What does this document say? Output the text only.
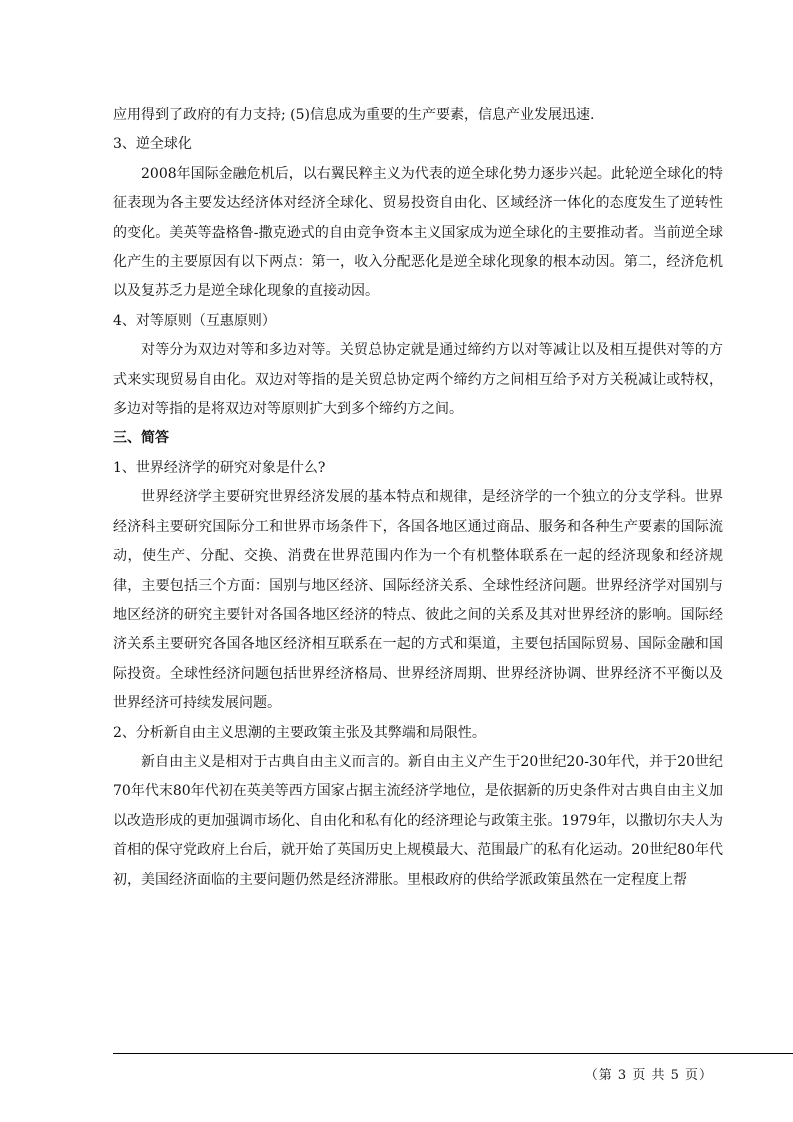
应用得到了政府的有力支持; (5)信息成为重要的生产要素，信息产业发展迅速.

3、逆全球化

2008年国际金融危机后，以右翼民粹主义为代表的逆全球化势力逐步兴起。此轮逆全球化的特征表现为各主要发达经济体对经济全球化、贸易投资自由化、区域经济一体化的态度发生了逆转性的变化。美英等盎格鲁-撒克逊式的自由竞争资本主义国家成为逆全球化的主要推动者。当前逆全球化产生的主要原因有以下两点：第一，收入分配恶化是逆全球化现象的根本动因。第二，经济危机以及复苏乏力是逆全球化现象的直接动因。

4、对等原则（互惠原则）

对等分为双边对等和多边对等。关贸总协定就是通过缔约方以对等减让以及相互提供对等的方式来实现贸易自由化。双边对等指的是关贸总协定两个缔约方之间相互给予对方关税减让或特权，多边对等指的是将双边对等原则扩大到多个缔约方之间。

三、简答

1、世界经济学的研究对象是什么?

世界经济学主要研究世界经济发展的基本特点和规律，是经济学的一个独立的分支学科。世界经济科主要研究国际分工和世界市场条件下，各国各地区通过商品、服务和各种生产要素的国际流动，使生产、分配、交换、消费在世界范围内作为一个有机整体联系在一起的经济现象和经济规律，主要包括三个方面：国别与地区经济、国际经济关系、全球性经济问题。世界经济学对国别与地区经济的研究主要针对各国各地区经济的特点、彼此之间的关系及其对世界经济的影响。国际经济关系主要研究各国各地区经济相互联系在一起的方式和渠道，主要包括国际贸易、国际金融和国际投资。全球性经济问题包括世界经济格局、世界经济周期、世界经济协调、世界经济不平衡以及世界经济可持续发展问题。

2、分析新自由主义思潮的主要政策主张及其弊端和局限性。

新自由主义是相对于古典自由主义而言的。新自由主义产生于20世纪20-30年代，并于20世纪70年代末80年代初在英美等西方国家占据主流经济学地位，是依据新的历史条件对古典自由主义加以改造形成的更加强调市场化、自由化和私有化的经济理论与政策主张。1979年，以撒切尔夫人为首相的保守党政府上台后，就开始了英国历史上规模最大、范围最广的私有化运动。20世纪80年代初，美国经济面临的主要问题仍然是经济滞胀。里根政府的供给学派政策虽然在一定程度上帮

（第 3 页 共 5 页）
